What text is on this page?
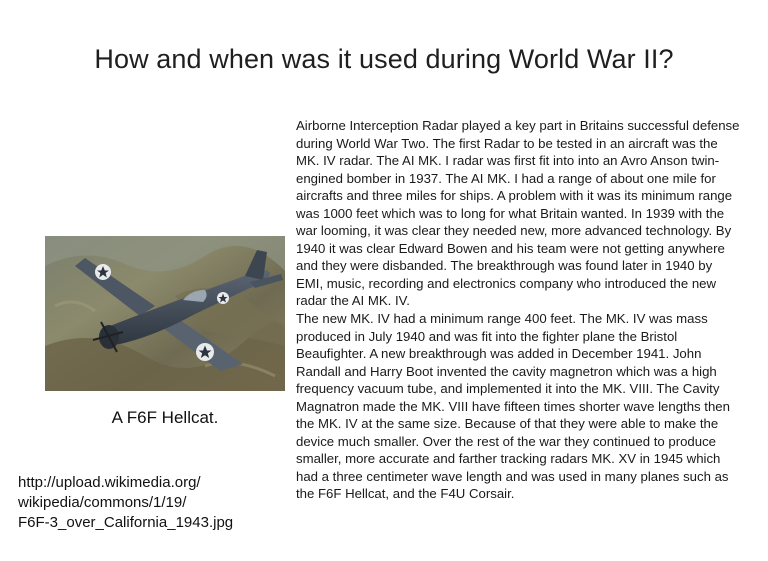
How and when was it used during World War II?
A F6F Hellcat.
http://upload.wikimedia.org/
wikipedia/commons/1/19/
F6F-3_over_California_1943.jpg

Airborne Interception Radar played a key part in Britains successful defense during World War Two. The first Radar to be tested in an aircraft was the MK. IV radar. The AI MK. I radar was first fit into into an Avro Anson twin-engined bomber in 1937. The AI MK. I had a range of about one mile for aircrafts and three miles for ships. A problem with it was its minimum range was 1000 feet which was to long for what Britain wanted. In 1939 with the war looming, it was clear they needed new, more advanced technology. By 1940 it was clear Edward Bowen and his team were not getting anywhere and they were disbanded. The breakthrough was found later in 1940 by EMI, music, recording and electronics company who introduced the new radar the AI MK. IV.

The new MK. IV had a minimum range 400 feet. The MK. IV was mass produced in July 1940 and was fit into the fighter plane the Bristol Beaufighter. A new breakthrough was added in December 1941. John Randall and Harry Boot invented the cavity magnetron which was a high frequency vacuum tube, and implemented it into the MK. VIII. The Cavity Magnatron made the MK. VIII have fifteen times shorter wave lengths then the MK. IV at the same size. Because of that they were able to make the device much smaller. Over the rest of the war they continued to produce smaller, more accurate and farther tracking radars MK. XV in 1945 which had a three centimeter wave length and was used in many planes such as the F6F Hellcat, and the F4U Corsair.
